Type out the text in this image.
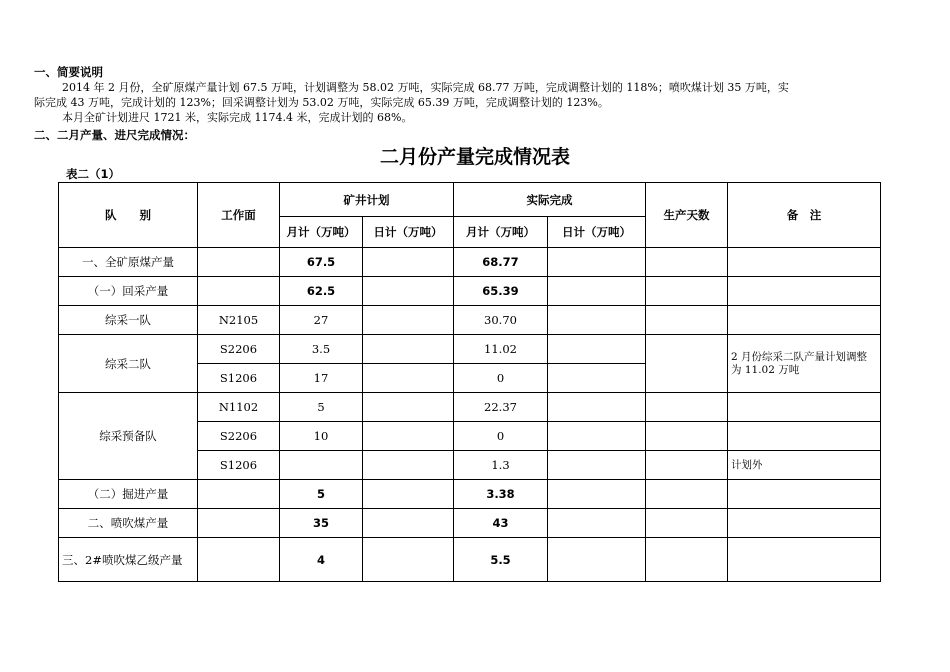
一、简要说明
2014 年 2 月份，全矿原煤产量计划 67.5 万吨，计划调整为 58.02 万吨，实际完成 68.77 万吨，完成调整计划的 118%；喷吹煤计划 35 万吨，实
际完成 43 万吨，完成计划的 123%；回采调整计划为 53.02 万吨，实际完成 65.39 万吨，完成调整计划的 123%。
本月全矿计划进尺 1721 米，实际完成 1174.4 米，完成计划的 68%。
二、二月产量、进尺完成情况：
二月份产量完成情况表
表二（1）
队　　别	工作面	矿井计划		实际完成		生产天数	备　注
		月计（万吨）	日计（万吨）	月计（万吨）	日计（万吨）		
一、全矿原煤产量		67.5		68.77			
（一）回采产量		62.5		65.39			
综采一队	N2105	27		30.70			
综采二队	S2206	3.5		11.02			2 月份综采二队产量计划调整为 11.02 万吨
	S1206	17		0			
综采预备队	N1102	5		22.37			
	S2206	10		0			
	S1206			1.3			计划外
（二）掘进产量		5		3.38			
二、喷吹煤产量		35		43			
三、2#喷吹煤乙级产量		4		5.5			
